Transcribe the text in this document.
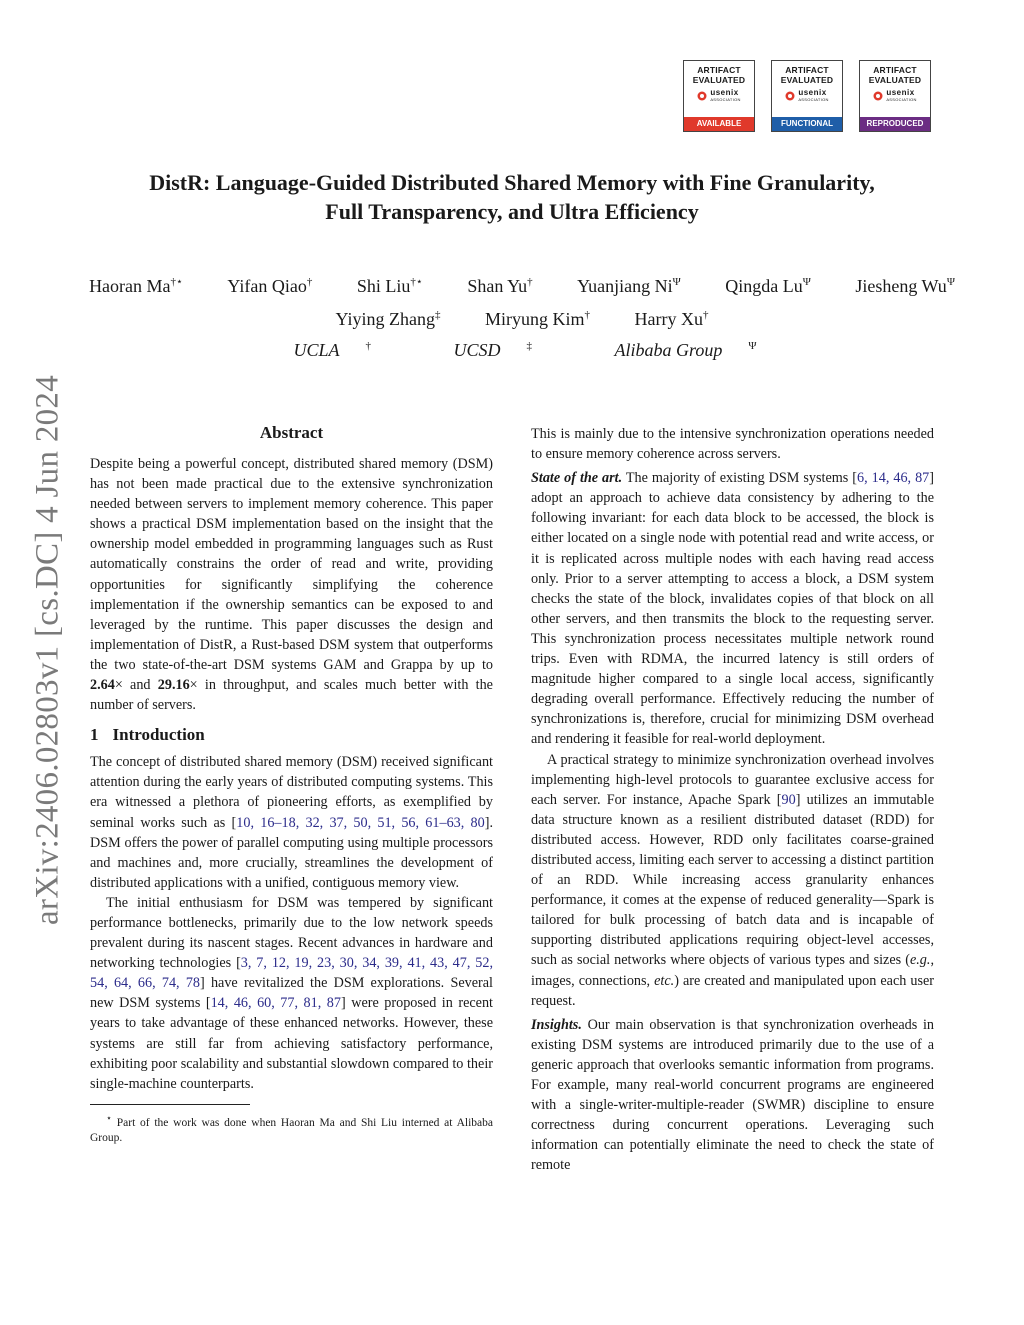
ARTIFACT
EVALUATED
usenix
ASSOCIATION
AVAILABLE
ARTIFACT
EVALUATED
usenix
ASSOCIATION
FUNCTIONAL
ARTIFACT
EVALUATED
usenix
ASSOCIATION
REPRODUCED
arXiv:2406.02803v1 [cs.DC] 4 Jun 2024
DistR: Language-Guided Distributed Shared Memory with Fine Granularity,
Full Transparency, and Ultra Efficiency
Haoran Ma†⋆ Yifan Qiao† Shi Liu†⋆ Shan Yu† Yuanjiang $Ni^\Psi$ Qingda $Lu^\Psi$ Jiesheng $Wu^\Psi$
Yiying Zhang‡ Miryung Kim† Harry Xu†
UCLA †	UCSD ‡	Alibaba Group $^\Psi$
Abstract

Despite being a powerful concept, distributed shared memory (DSM) has not been made practical due to the extensive synchronization needed between servers to implement memory coherence. This paper shows a practical DSM implementation based on the insight that the ownership model embedded in programming languages such as Rust automatically constrains the order of read and write, providing opportunities for significantly simplifying the coherence implementation if the ownership semantics can be exposed to and leveraged by the runtime. This paper discusses the design and implementation of DistR, a Rust-based DSM system that outperforms the two state-of-the-art DSM systems GAM and Grappa by up to 2.64× and 29.16× in throughput, and scales much better with the number of servers.

1 Introduction

The concept of distributed shared memory (DSM) received significant attention during the early years of distributed computing systems. This era witnessed a plethora of pioneering efforts, as exemplified by seminal works such as [10, 16–18, 32, 37, 50, 51, 56, 61–63, 80]. DSM offers the power of parallel computing using multiple processors and machines and, more crucially, streamlines the development of distributed applications with a unified, contiguous memory view.

The initial enthusiasm for DSM was tempered by significant performance bottlenecks, primarily due to the low network speeds prevalent during its nascent stages. Recent advances in hardware and networking technologies [3, 7, 12, 19, 23, 30, 34, 39, 41, 43, 47, 52, 54, 64, 66, 74, 78] have revitalized the DSM explorations. Several new DSM systems [14, 46, 60, 77, 81, 87] were proposed in recent years to take advantage of these enhanced networks. However, these systems are still far from achieving satisfactory performance, exhibiting poor scalability and substantial slowdown compared to their single-machine counterparts.

⋆ Part of the work was done when Haoran Ma and Shi Liu interned at Alibaba Group.

This is mainly due to the intensive synchronization operations needed to ensure memory coherence across servers.

State of the art. The majority of existing DSM systems [6, 14, 46, 87] adopt an approach to achieve data consistency by adhering to the following invariant: for each data block to be accessed, the block is either located on a single node with potential read and write access, or it is replicated across multiple nodes with each having read access only. Prior to a server attempting to access a block, a DSM system checks the state of the block, invalidates copies of that block on all other servers, and then transmits the block to the requesting server. This synchronization process necessitates multiple network round trips. Even with RDMA, the incurred latency is still orders of magnitude higher compared to a single local access, significantly degrading overall performance. Effectively reducing the number of synchronizations is, therefore, crucial for minimizing DSM overhead and rendering it feasible for real-world deployment.

A practical strategy to minimize synchronization overhead involves implementing high-level protocols to guarantee exclusive access for each server. For instance, Apache Spark [90] utilizes an immutable data structure known as a resilient distributed dataset (RDD) for distributed access. However, RDD only facilitates coarse-grained distributed access, limiting each server to accessing a distinct partition of an RDD. While increasing access granularity enhances performance, it comes at the expense of reduced generality—Spark is tailored for bulk processing of batch data and is incapable of supporting distributed applications requiring object-level accesses, such as social networks where objects of various types and sizes (e.g., images, connections, etc.) are created and manipulated upon each user request.

Insights. Our main observation is that synchronization overheads in existing DSM systems are introduced primarily due to the use of a generic approach that overlooks semantic information from programs. For example, many real-world concurrent programs are engineered with a single-writer-multiple-reader (SWMR) discipline to ensure correctness during concurrent operations. Leveraging such information can potentially eliminate the need to check the state of remote
